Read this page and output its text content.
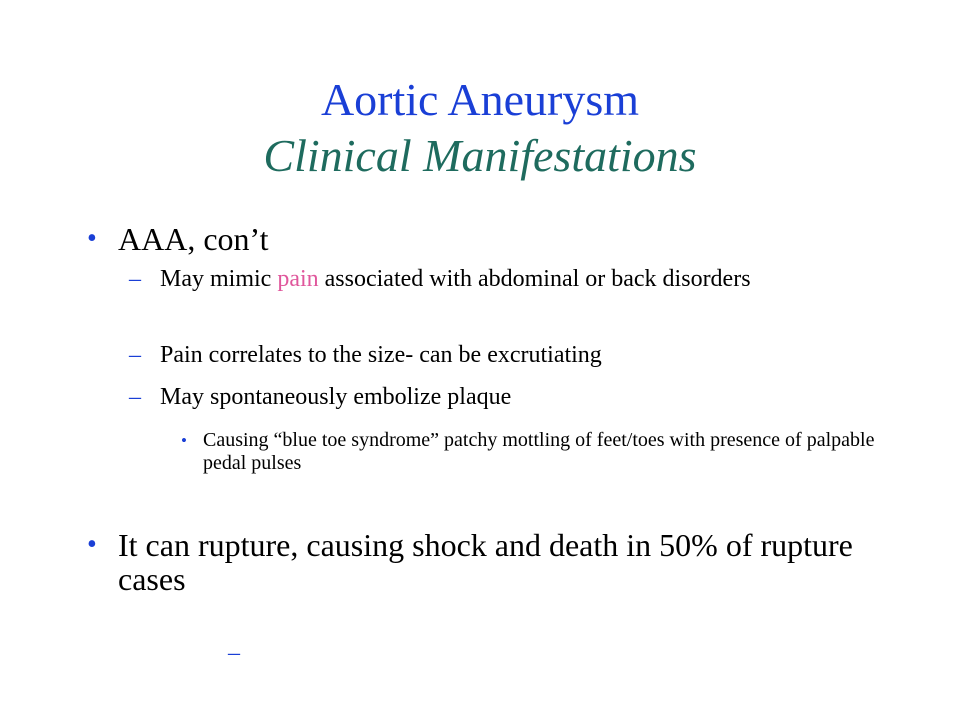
Aortic Aneurysm
Clinical Manifestations
• AAA, con’t
– May mimic pain associated with abdominal or back disorders
– Pain correlates to the size- can be excrutiating
– May spontaneously embolize plaque
• Causing “blue toe syndrome” patchy mottling of feet/toes with presence of palpable pedal pulses
• It can rupture, causing shock and death in 50% of rupture cases
–
